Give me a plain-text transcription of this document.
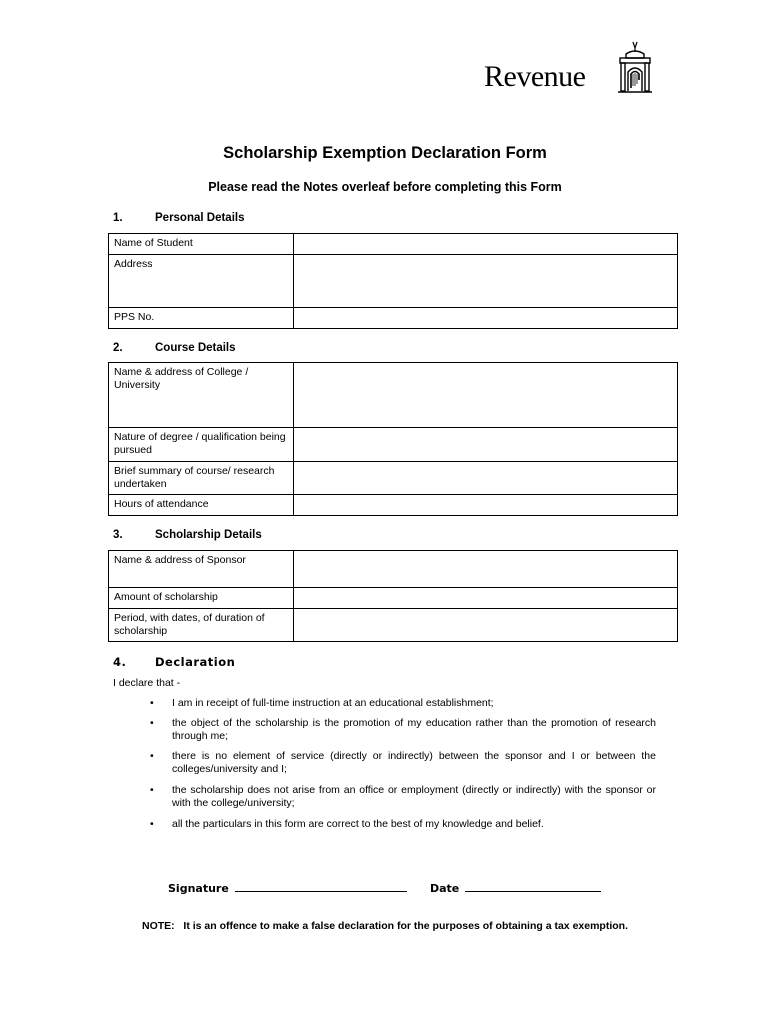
Revenue
Scholarship Exemption Declaration Form
Please read the Notes overleaf before completing this Form
1.	Personal Details
Name of Student	
Address	
PPS No.	
2.	Course Details
Name & address of College / University	
Nature of degree / qualification being pursued	
Brief summary of course/ research undertaken	
Hours of attendance	
3.	Scholarship Details
Name & address of Sponsor	
Amount of scholarship	
Period, with dates, of duration of scholarship	
4. Declaration
I declare that -
• I am in receipt of full-time instruction at an educational establishment;
• the object of the scholarship is the promotion of my education rather than the promotion of research through me;
• there is no element of service (directly or indirectly) between the sponsor and I or between the colleges/university and I;
• the scholarship does not arise from an office or employment (directly or indirectly) with the sponsor or with the college/university;
• all the particulars in this form are correct to the best of my knowledge and belief.
Signature	Date
NOTE:   It is an offence to make a false declaration for the purposes of obtaining a tax exemption.
